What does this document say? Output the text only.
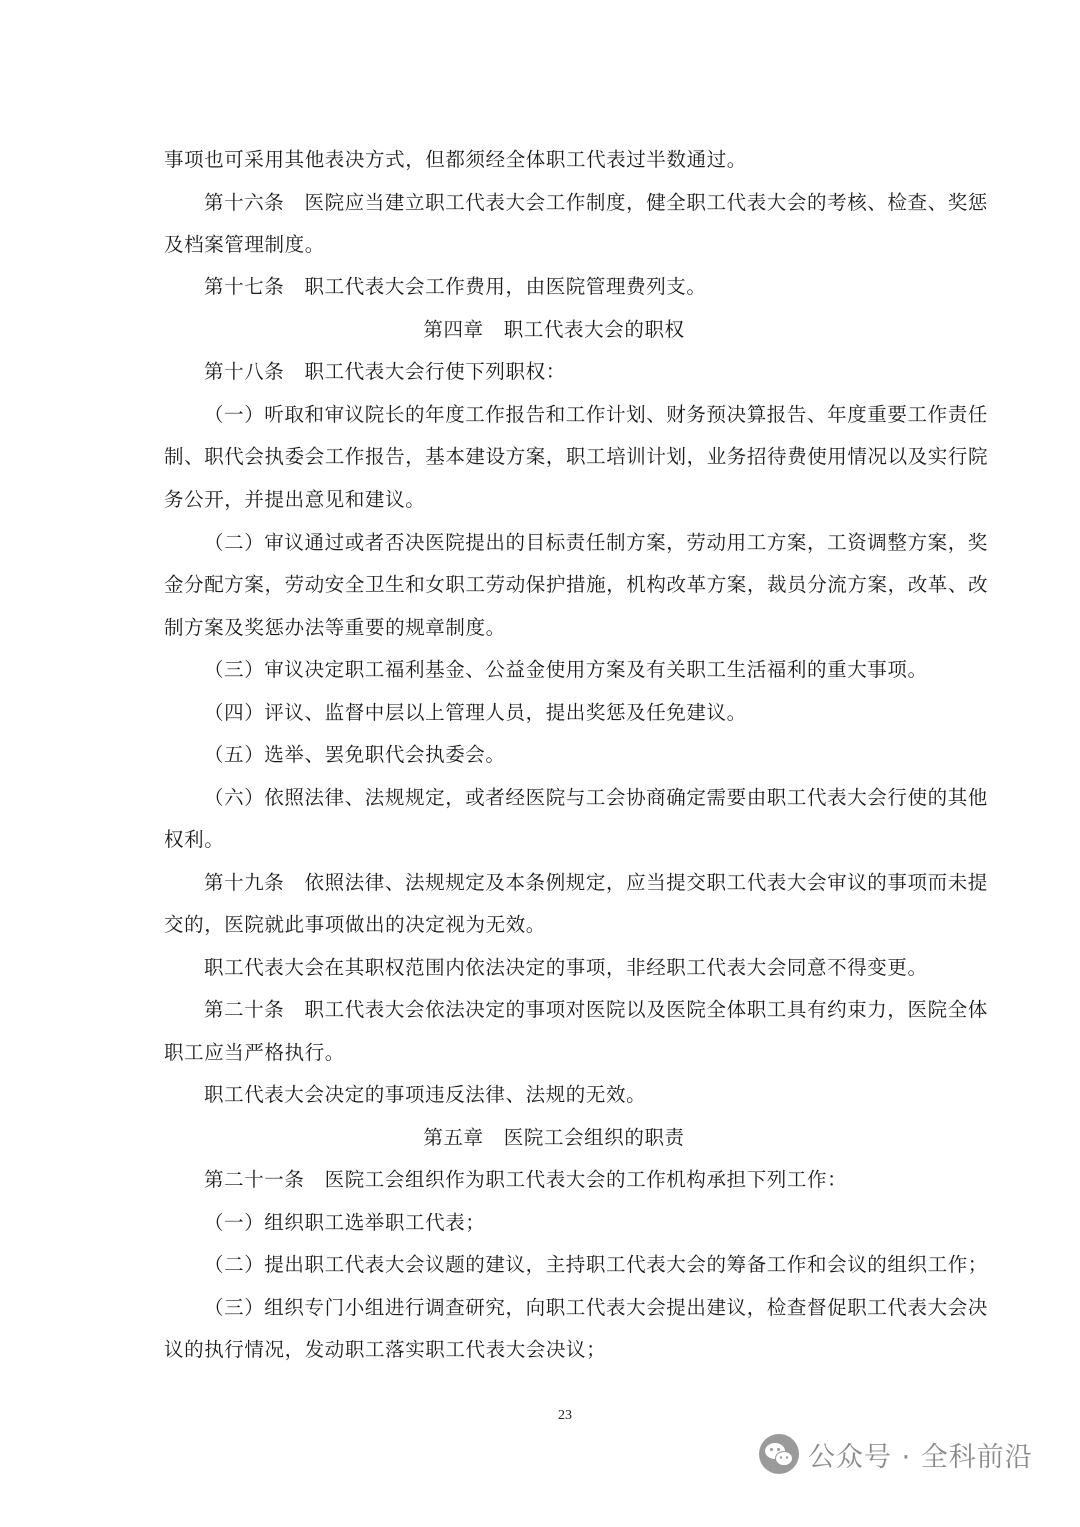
事项也可采用其他表决方式，但都须经全体职工代表过半数通过。
第十六条　医院应当建立职工代表大会工作制度，健全职工代表大会的考核、检查、奖惩
及档案管理制度。
第十七条　职工代表大会工作费用，由医院管理费列支。
第四章　职工代表大会的职权
第十八条　职工代表大会行使下列职权：
（一）听取和审议院长的年度工作报告和工作计划、财务预决算报告、年度重要工作责任
制、职代会执委会工作报告，基本建设方案，职工培训计划，业务招待费使用情况以及实行院
务公开，并提出意见和建议。
（二）审议通过或者否决医院提出的目标责任制方案，劳动用工方案，工资调整方案，奖
金分配方案，劳动安全卫生和女职工劳动保护措施，机构改革方案，裁员分流方案，改革、改
制方案及奖惩办法等重要的规章制度。
（三）审议决定职工福利基金、公益金使用方案及有关职工生活福利的重大事项。
（四）评议、监督中层以上管理人员，提出奖惩及任免建议。
（五）选举、罢免职代会执委会。
（六）依照法律、法规规定，或者经医院与工会协商确定需要由职工代表大会行使的其他
权利。
第十九条　依照法律、法规规定及本条例规定，应当提交职工代表大会审议的事项而未提
交的，医院就此事项做出的决定视为无效。
职工代表大会在其职权范围内依法决定的事项，非经职工代表大会同意不得变更。
第二十条　职工代表大会依法决定的事项对医院以及医院全体职工具有约束力，医院全体
职工应当严格执行。
职工代表大会决定的事项违反法律、法规的无效。
第五章　医院工会组织的职责
第二十一条　医院工会组织作为职工代表大会的工作机构承担下列工作：
（一）组织职工选举职工代表；
（二）提出职工代表大会议题的建议，主持职工代表大会的筹备工作和会议的组织工作；
（三）组织专门小组进行调查研究，向职工代表大会提出建议，检查督促职工代表大会决
议的执行情况，发动职工落实职工代表大会决议；
23
公众号 · 全科前沿
